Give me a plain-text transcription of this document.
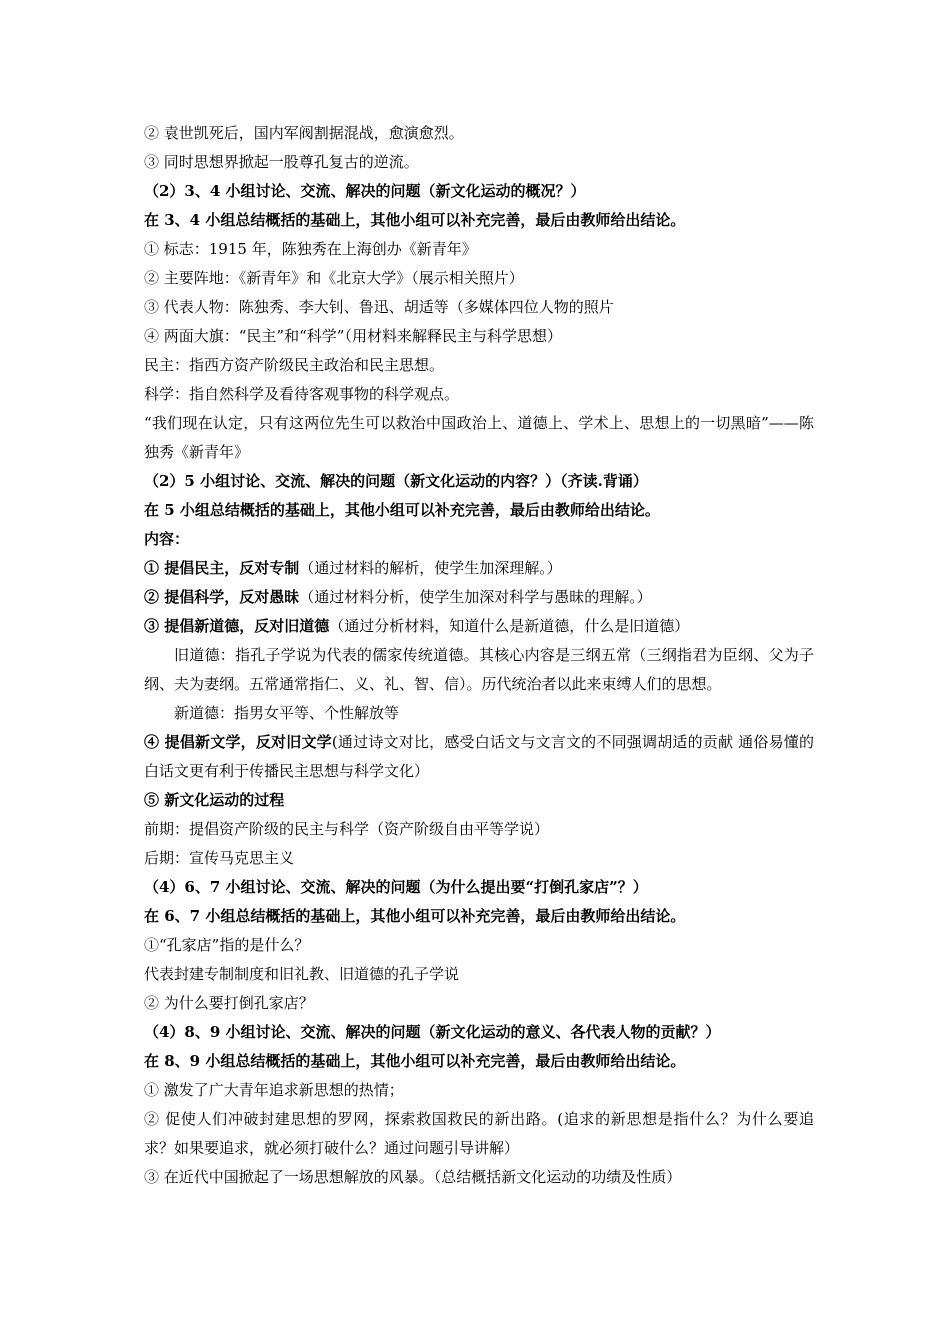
② 袁世凯死后，国内军阀割据混战，愈演愈烈。
③ 同时思想界掀起一股尊孔复古的逆流。
（2）3、4 小组讨论、交流、解决的问题（新文化运动的概况？）
在 3、4 小组总结概括的基础上，其他小组可以补充完善，最后由教师给出结论。
① 标志：1915 年，陈独秀在上海创办《新青年》
② 主要阵地：《新青年》和《北京大学》（展示相关照片）
③ 代表人物：陈独秀、李大钊、鲁迅、胡适等（多媒体四位人物的照片
④ 两面大旗：“民主”和“科学”（用材料来解释民主与科学思想）
民主：指西方资产阶级民主政治和民主思想。
科学：指自然科学及看待客观事物的科学观点。
“我们现在认定，只有这两位先生可以救治中国政治上、道德上、学术上、思想上的一切黑暗”——陈独秀《新青年》
（2）5 小组讨论、交流、解决的问题（新文化运动的内容？）（齐读.背诵）
在 5 小组总结概括的基础上，其他小组可以补充完善，最后由教师给出结论。
内容：
① 提倡民主，反对专制（通过材料的解析，使学生加深理解。）
② 提倡科学，反对愚昧（通过材料分析，使学生加深对科学与愚昧的理解。）
③ 提倡新道德，反对旧道德（通过分析材料，知道什么是新道德，什么是旧道德）
旧道德：指孔子学说为代表的儒家传统道德。其核心内容是三纲五常（三纲指君为臣纲、父为子纲、夫为妻纲。五常通常指仁、义、礼、智、信）。历代统治者以此来束缚人们的思想。
新道德：指男女平等、个性解放等
④ 提倡新文学，反对旧文学(通过诗文对比，感受白话文与文言文的不同强调胡适的贡献 通俗易懂的白话文更有利于传播民主思想与科学文化）
⑤ 新文化运动的过程
前期：提倡资产阶级的民主与科学（资产阶级自由平等学说）
后期：宣传马克思主义
（4）6、7 小组讨论、交流、解决的问题（为什么提出要“打倒孔家店”？）
在 6、7 小组总结概括的基础上，其他小组可以补充完善，最后由教师给出结论。
①“孔家店”指的是什么？
代表封建专制制度和旧礼教、旧道德的孔子学说
② 为什么要打倒孔家店？
（4）8、9 小组讨论、交流、解决的问题（新文化运动的意义、各代表人物的贡献？）
在 8、9 小组总结概括的基础上，其他小组可以补充完善，最后由教师给出结论。
① 激发了广大青年追求新思想的热情；
② 促使人们冲破封建思想的罗网，探索救国救民的新出路。(追求的新思想是指什么？为什么要追求？如果要追求，就必须打破什么？通过问题引导讲解）
③ 在近代中国掀起了一场思想解放的风暴。（总结概括新文化运动的功绩及性质）
